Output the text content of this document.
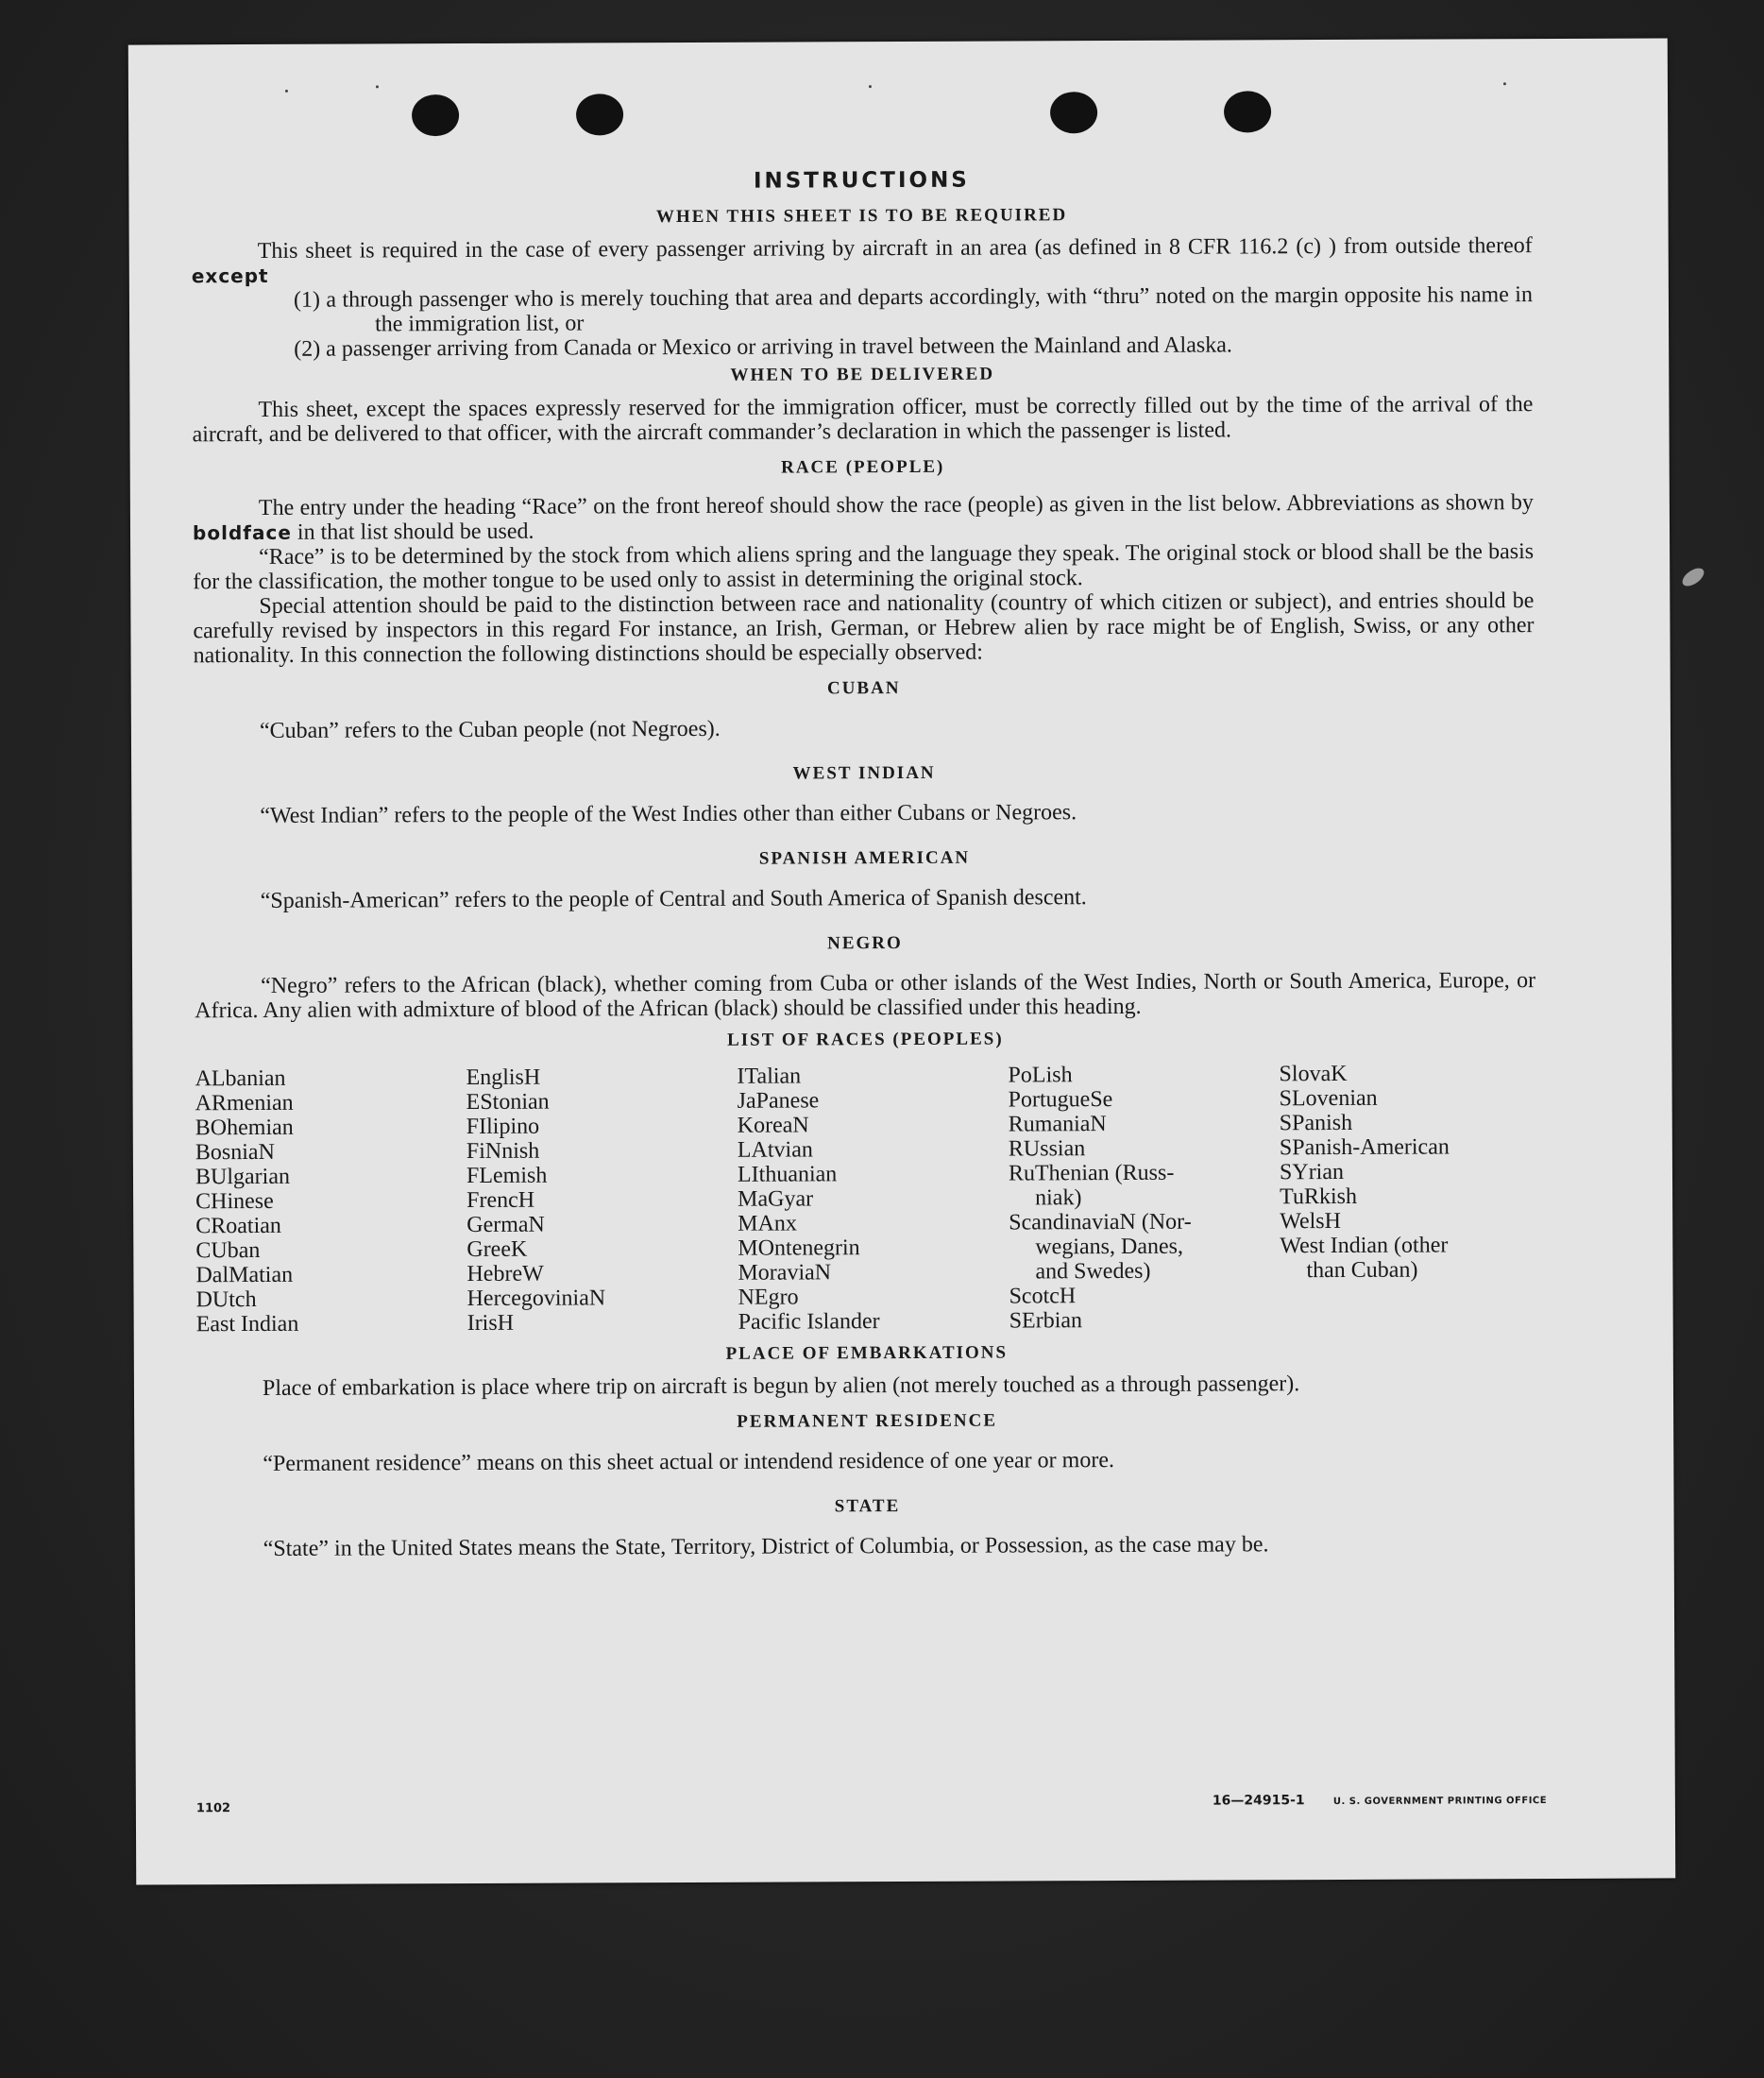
INSTRUCTIONS
WHEN THIS SHEET IS TO BE REQUIRED

This sheet is required in the case of every passenger arriving by aircraft in an area (as defined in 8 CFR 116.2 (c) ) from outside thereof except

(1) a through passenger who is merely touching that area and departs accordingly, with “thru” noted on the margin opposite his name in the immigration list, or

(2) a passenger arriving from Canada or Mexico or arriving in travel between the Mainland and Alaska.

WHEN TO BE DELIVERED

This sheet, except the spaces expressly reserved for the immigration officer, must be correctly filled out by the time of the arrival of the aircraft, and be delivered to that officer, with the aircraft commander’s declaration in which the passenger is listed.

RACE (PEOPLE)

The entry under the heading “Race” on the front hereof should show the race (people) as given in the list below. Abbreviations as shown by boldface in that list should be used.

“Race” is to be determined by the stock from which aliens spring and the language they speak. The original stock or blood shall be the basis for the classification, the mother tongue to be used only to assist in determining the original stock.

Special attention should be paid to the distinction between race and nationality (country of which citizen or subject), and entries should be carefully revised by inspectors in this regard For instance, an Irish, German, or Hebrew alien by race might be of English, Swiss, or any other nationality. In this connection the following distinctions should be especially observed:

CUBAN

“Cuban” refers to the Cuban people (not Negroes).

WEST INDIAN

“West Indian” refers to the people of the West Indies other than either Cubans or Negroes.

SPANISH AMERICAN

“Spanish-American” refers to the people of Central and South America of Spanish descent.

NEGRO

“Negro” refers to the African (black), whether coming from Cuba or other islands of the West Indies, North or South America, Europe, or Africa. Any alien with admixture of blood of the African (black) should be classified under this heading.

LIST OF RACES (PEOPLES)
ALbanian
ARmenian
BOhemian
BosniaN
BUlgarian
CHinese
CRoatian
CUban
DalMatian
DUtch
East Indian
EnglisH
EStonian
FIlipino
FiNnish
FLemish
FrencH
GermaN
GreeK
HebreW
HercegoviniaN
IrisH
ITalian
JaPanese
KoreaN
LAtvian
LIthuanian
MaGyar
MAnx
MOntenegrin
MoraviaN
NEgro
Pacific Islander
PoLish
PortugueSe
RumaniaN
RUssian
RuThenian (Russ-
niak)
ScandinaviaN (Nor-
wegians, Danes,
and Swedes)
ScotcH
SErbian
SlovaK
SLovenian
SPanish
SPanish-American
SYrian
TuRkish
WelsH
West Indian (other
than Cuban)
PLACE OF EMBARKATIONS

Place of embarkation is place where trip on aircraft is begun by alien (not merely touched as a through passenger).

PERMANENT RESIDENCE

“Permanent residence” means on this sheet actual or intendend residence of one year or more.

STATE

“State” in the United States means the State, Territory, District of Columbia, or Possession, as the case may be.

1102
16—24915-1	U. S. GOVERNMENT PRINTING OFFICE
